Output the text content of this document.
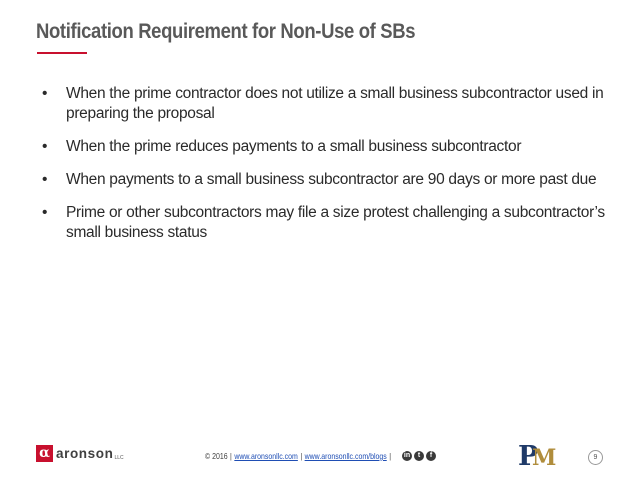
Notification Requirement for Non-Use of SBs
• When the prime contractor does not utilize a small business subcontractor used in preparing the proposal
• When the prime reduces payments to a small business subcontractor
• When payments to a small business subcontractor are 90 days or more past due
• Prime or other subcontractors may file a size protest challenging a subcontractor’s small business status
α aronson LLC	© 2016 | www.aronsonllc.com | www.aronsonllc.com/blogs |	in	t	f	P
M	9
